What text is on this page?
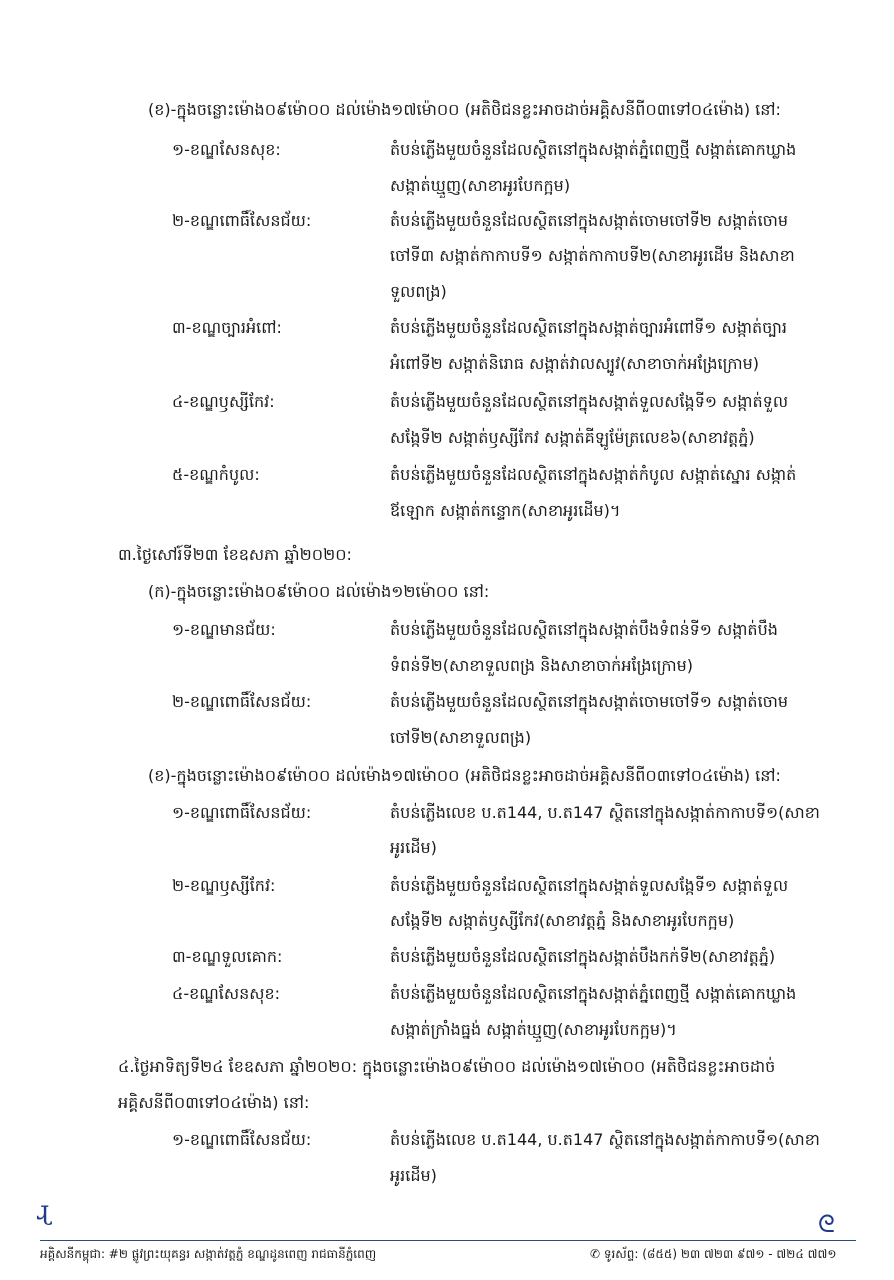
(ខ)-ក្នុងចន្លោះម៉ោង០៩ម៉ោ០០ ដល់ម៉ោង១៧ម៉ោ០០ (អតិថិជនខ្លះអាចដាច់អគ្គិសនីពី០៣ទៅ០៤ម៉ោង) នៅ:
១-ខណ្ឌសែនសុខ:	តំបន់ភ្លើងមួយចំនួនដែលស្ថិតនៅក្នុងសង្កាត់ភ្នំពេញថ្មី សង្កាត់គោកឃ្លាង
សង្កាត់ឃ្មួញ(សាខាអូរបែកក្អម)
២-ខណ្ឌពោធិ៍សែនជ័យ:	តំបន់ភ្លើងមួយចំនួនដែលស្ថិតនៅក្នុងសង្កាត់ចោមចៅទី២ សង្កាត់ចោម
ចៅទី៣ សង្កាត់កាកាបទី១ សង្កាត់កាកាបទី២(សាខាអូរដើម និងសាខា
ទួលពង្រ)
៣-ខណ្ឌច្បារអំពៅ:	តំបន់ភ្លើងមួយចំនួនដែលស្ថិតនៅក្នុងសង្កាត់ច្បារអំពៅទី១ សង្កាត់ច្បារ
អំពៅទី២ សង្កាត់និរោធ សង្កាត់វាលស្បូវ(សាខាចាក់អង្រែក្រោម)
៤-ខណ្ឌឫស្សីកែវ:	តំបន់ភ្លើងមួយចំនួនដែលស្ថិតនៅក្នុងសង្កាត់ទួលសង្កែទី១ សង្កាត់ទួល
សង្កែទី២ សង្កាត់ឫស្សីកែវ សង្កាត់គីឡូម៉ែត្រលេខ៦(សាខាវត្តភ្នំ)
៥-ខណ្ឌកំបូល:	តំបន់ភ្លើងមួយចំនួនដែលស្ថិតនៅក្នុងសង្កាត់កំបូល សង្កាត់ស្នោរ សង្កាត់
ឪឡោក សង្កាត់កន្ទោក(សាខាអូរដើម)។
៣.ថ្ងៃសៅរ៍ទី២៣ ខែឧសភា ឆ្នាំ២០២០:
(ក)-ក្នុងចន្លោះម៉ោង០៩ម៉ោ០០ ដល់ម៉ោង១២ម៉ោ០០ នៅ:
១-ខណ្ឌមានជ័យ:	តំបន់ភ្លើងមួយចំនួនដែលស្ថិតនៅក្នុងសង្កាត់បឹងទំពន់ទី១ សង្កាត់បឹង
ទំពន់ទី២(សាខាទួលពង្រ និងសាខាចាក់អង្រែក្រោម)
២-ខណ្ឌពោធិ៍សែនជ័យ:	តំបន់ភ្លើងមួយចំនួនដែលស្ថិតនៅក្នុងសង្កាត់ចោមចៅទី១ សង្កាត់ចោម
ចៅទី២(សាខាទួលពង្រ)
(ខ)-ក្នុងចន្លោះម៉ោង០៩ម៉ោ០០ ដល់ម៉ោង១៧ម៉ោ០០ (អតិថិជនខ្លះអាចដាច់អគ្គិសនីពី០៣ទៅ០៤ម៉ោង) នៅ:
១-ខណ្ឌពោធិ៍សែនជ័យ:	តំបន់ភ្លើងលេខ ប.ត144, ប.ត147 ស្ថិតនៅក្នុងសង្កាត់កាកាបទី១(សាខា
អូរដើម)
២-ខណ្ឌឫស្សីកែវ:	តំបន់ភ្លើងមួយចំនួនដែលស្ថិតនៅក្នុងសង្កាត់ទួលសង្កែទី១ សង្កាត់ទួល
សង្កែទី២ សង្កាត់ឫស្សីកែវ(សាខាវត្តភ្នំ និងសាខាអូរបែកក្អម)
៣-ខណ្ឌទួលគោក:	តំបន់ភ្លើងមួយចំនួនដែលស្ថិតនៅក្នុងសង្កាត់បឹងកក់ទី២(សាខាវត្តភ្នំ)
៤-ខណ្ឌសែនសុខ:	តំបន់ភ្លើងមួយចំនួនដែលស្ថិតនៅក្នុងសង្កាត់ភ្នំពេញថ្មី សង្កាត់គោកឃ្លាង
សង្កាត់ក្រាំងធ្នង់ សង្កាត់ឃ្មួញ(សាខាអូរបែកក្អម)។
៤.ថ្ងៃអាទិត្យទី២៤ ខែឧសភា ឆ្នាំ២០២០: ក្នុងចន្លោះម៉ោង០៩ម៉ោ០០ ដល់ម៉ោង១៧ម៉ោ០០ (អតិថិជនខ្លះអាចដាច់
អគ្គិសនីពី០៣ទៅ០៤ម៉ោង) នៅ:
១-ខណ្ឌពោធិ៍សែនជ័យ:	តំបន់ភ្លើងលេខ ប.ត144, ប.ត147 ស្ថិតនៅក្នុងសង្កាត់កាកាបទី១(សាខា
អូរដើម)
ɻ	ᘓ
អគ្គិសនីកម្ពុជា: #២ ផ្លូវព្រះយុគន្ធរ សង្កាត់វត្តភ្នំ ខណ្ឌដូនពេញ រាជធានីភ្នំពេញ	✆ ទូរស័ព្ទ: (៨៥៥) ២៣ ៧២៣ ៩៧១ - ៧២៤ ៧៧១
